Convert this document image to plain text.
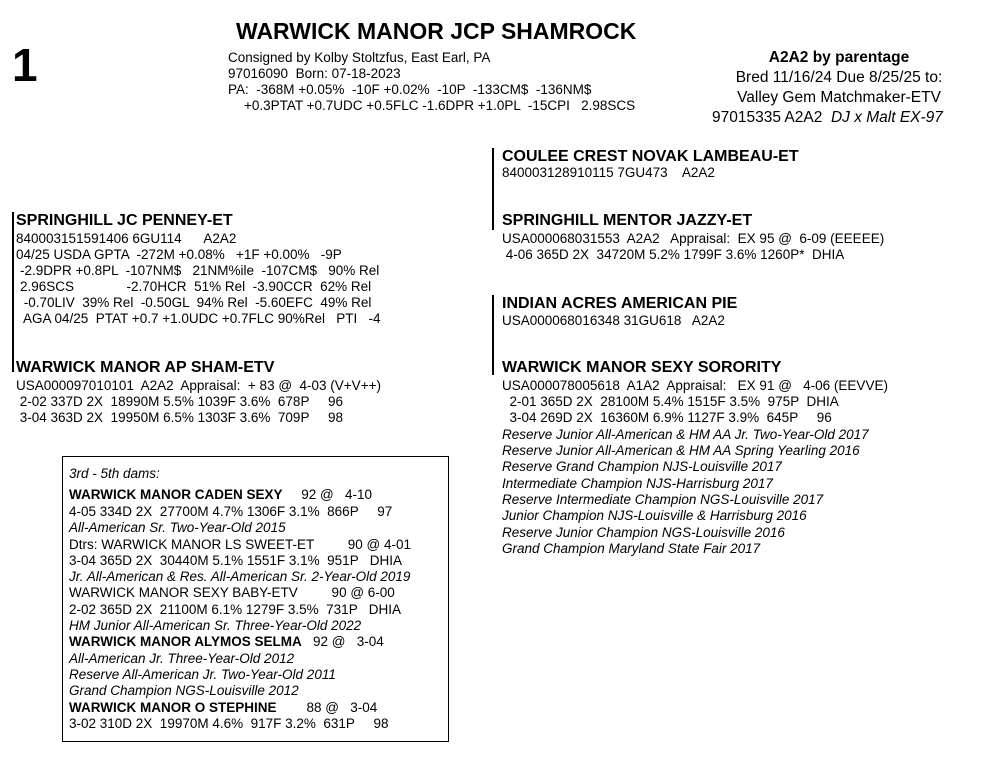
1
WARWICK MANOR JCP SHAMROCK
Consigned by Kolby Stoltzfus, East Earl, PA
97016090  Born: 07-18-2023
PA:  -368M +0.05%  -10F +0.02%  -10P  -133CM$  -136NM$
+0.3PTAT +0.7UDC +0.5FLC -1.6DPR +1.0PL  -15CPI   2.98SCS
A2A2 by parentage
Bred 11/16/24 Due 8/25/25 to:
Valley Gem Matchmaker-ETV
97015335 A2A2  DJ x Malt EX-97
SPRINGHILL JC PENNEY-ET
840003151591406 6GU114      A2A2
04/25 USDA GPTA  -272M +0.08%   +1F +0.00%   -9P
-2.9DPR +0.8PL  -107NM$   21NM%ile  -107CM$   90% Rel
2.96SCS              -2.70HCR  51% Rel  -3.90CCR  62% Rel
-0.70LIV  39% Rel  -0.50GL  94% Rel  -5.60EFC  49% Rel
AGA 04/25  PTAT +0.7 +1.0UDC +0.7FLC 90%Rel   PTI   -4
COULEE CREST NOVAK LAMBEAU-ET
840003128910115 7GU473    A2A2
SPRINGHILL MENTOR JAZZY-ET
USA000068031553  A2A2   Appraisal:  EX 95 @  6-09 (EEEEE)
4-06 365D 2X  34720M 5.2% 1799F 3.6% 1260P*  DHIA
WARWICK MANOR AP SHAM-ETV
USA000097010101  A2A2  Appraisal:  + 83 @  4-03 (V+V++)
2-02 337D 2X  18990M 5.5% 1039F 3.6%  678P     96
3-04 363D 2X  19950M 6.5% 1303F 3.6%  709P     98
INDIAN ACRES AMERICAN PIE
USA000068016348 31GU618   A2A2
WARWICK MANOR SEXY SORORITY
USA000078005618  A1A2  Appraisal:   EX 91 @   4-06 (EEVVE)
2-01 365D 2X  28100M 5.4% 1515F 3.5%  975P  DHIA
3-04 269D 2X  16360M 6.9% 1127F 3.9%  645P     96
Reserve Junior All-American & HM AA Jr. Two-Year-Old 2017
Reserve Junior All-American & HM AA Spring Yearling 2016
Reserve Grand Champion NJS-Louisville 2017
Intermediate Champion NJS-Harrisburg 2017
Reserve Intermediate Champion NGS-Louisville 2017
Junior Champion NJS-Louisville & Harrisburg 2016
Reserve Junior Champion NGS-Louisville 2016
Grand Champion Maryland State Fair 2017
3rd - 5th dams:
WARWICK MANOR CADEN SEXY     92 @   4-10
4-05 334D 2X  27700M 4.7% 1306F 3.1%  866P     97
All-American Sr. Two-Year-Old 2015
Dtrs: WARWICK MANOR LS SWEET-ET         90 @ 4-01
3-04 365D 2X  30440M 5.1% 1551F 3.1%  951P   DHIA
Jr. All-American & Res. All-American Sr. 2-Year-Old 2019
WARWICK MANOR SEXY BABY-ETV         90 @ 6-00
2-02 365D 2X  21100M 6.1% 1279F 3.5%  731P   DHIA
HM Junior All-American Sr. Three-Year-Old 2022
WARWICK MANOR ALYMOS SELMA   92 @   3-04
All-American Jr. Three-Year-Old 2012
Reserve All-American Jr. Two-Year-Old 2011
Grand Champion NGS-Louisville 2012
WARWICK MANOR O STEPHINE        88 @   3-04
3-02 310D 2X  19970M 4.6%  917F 3.2%  631P     98
